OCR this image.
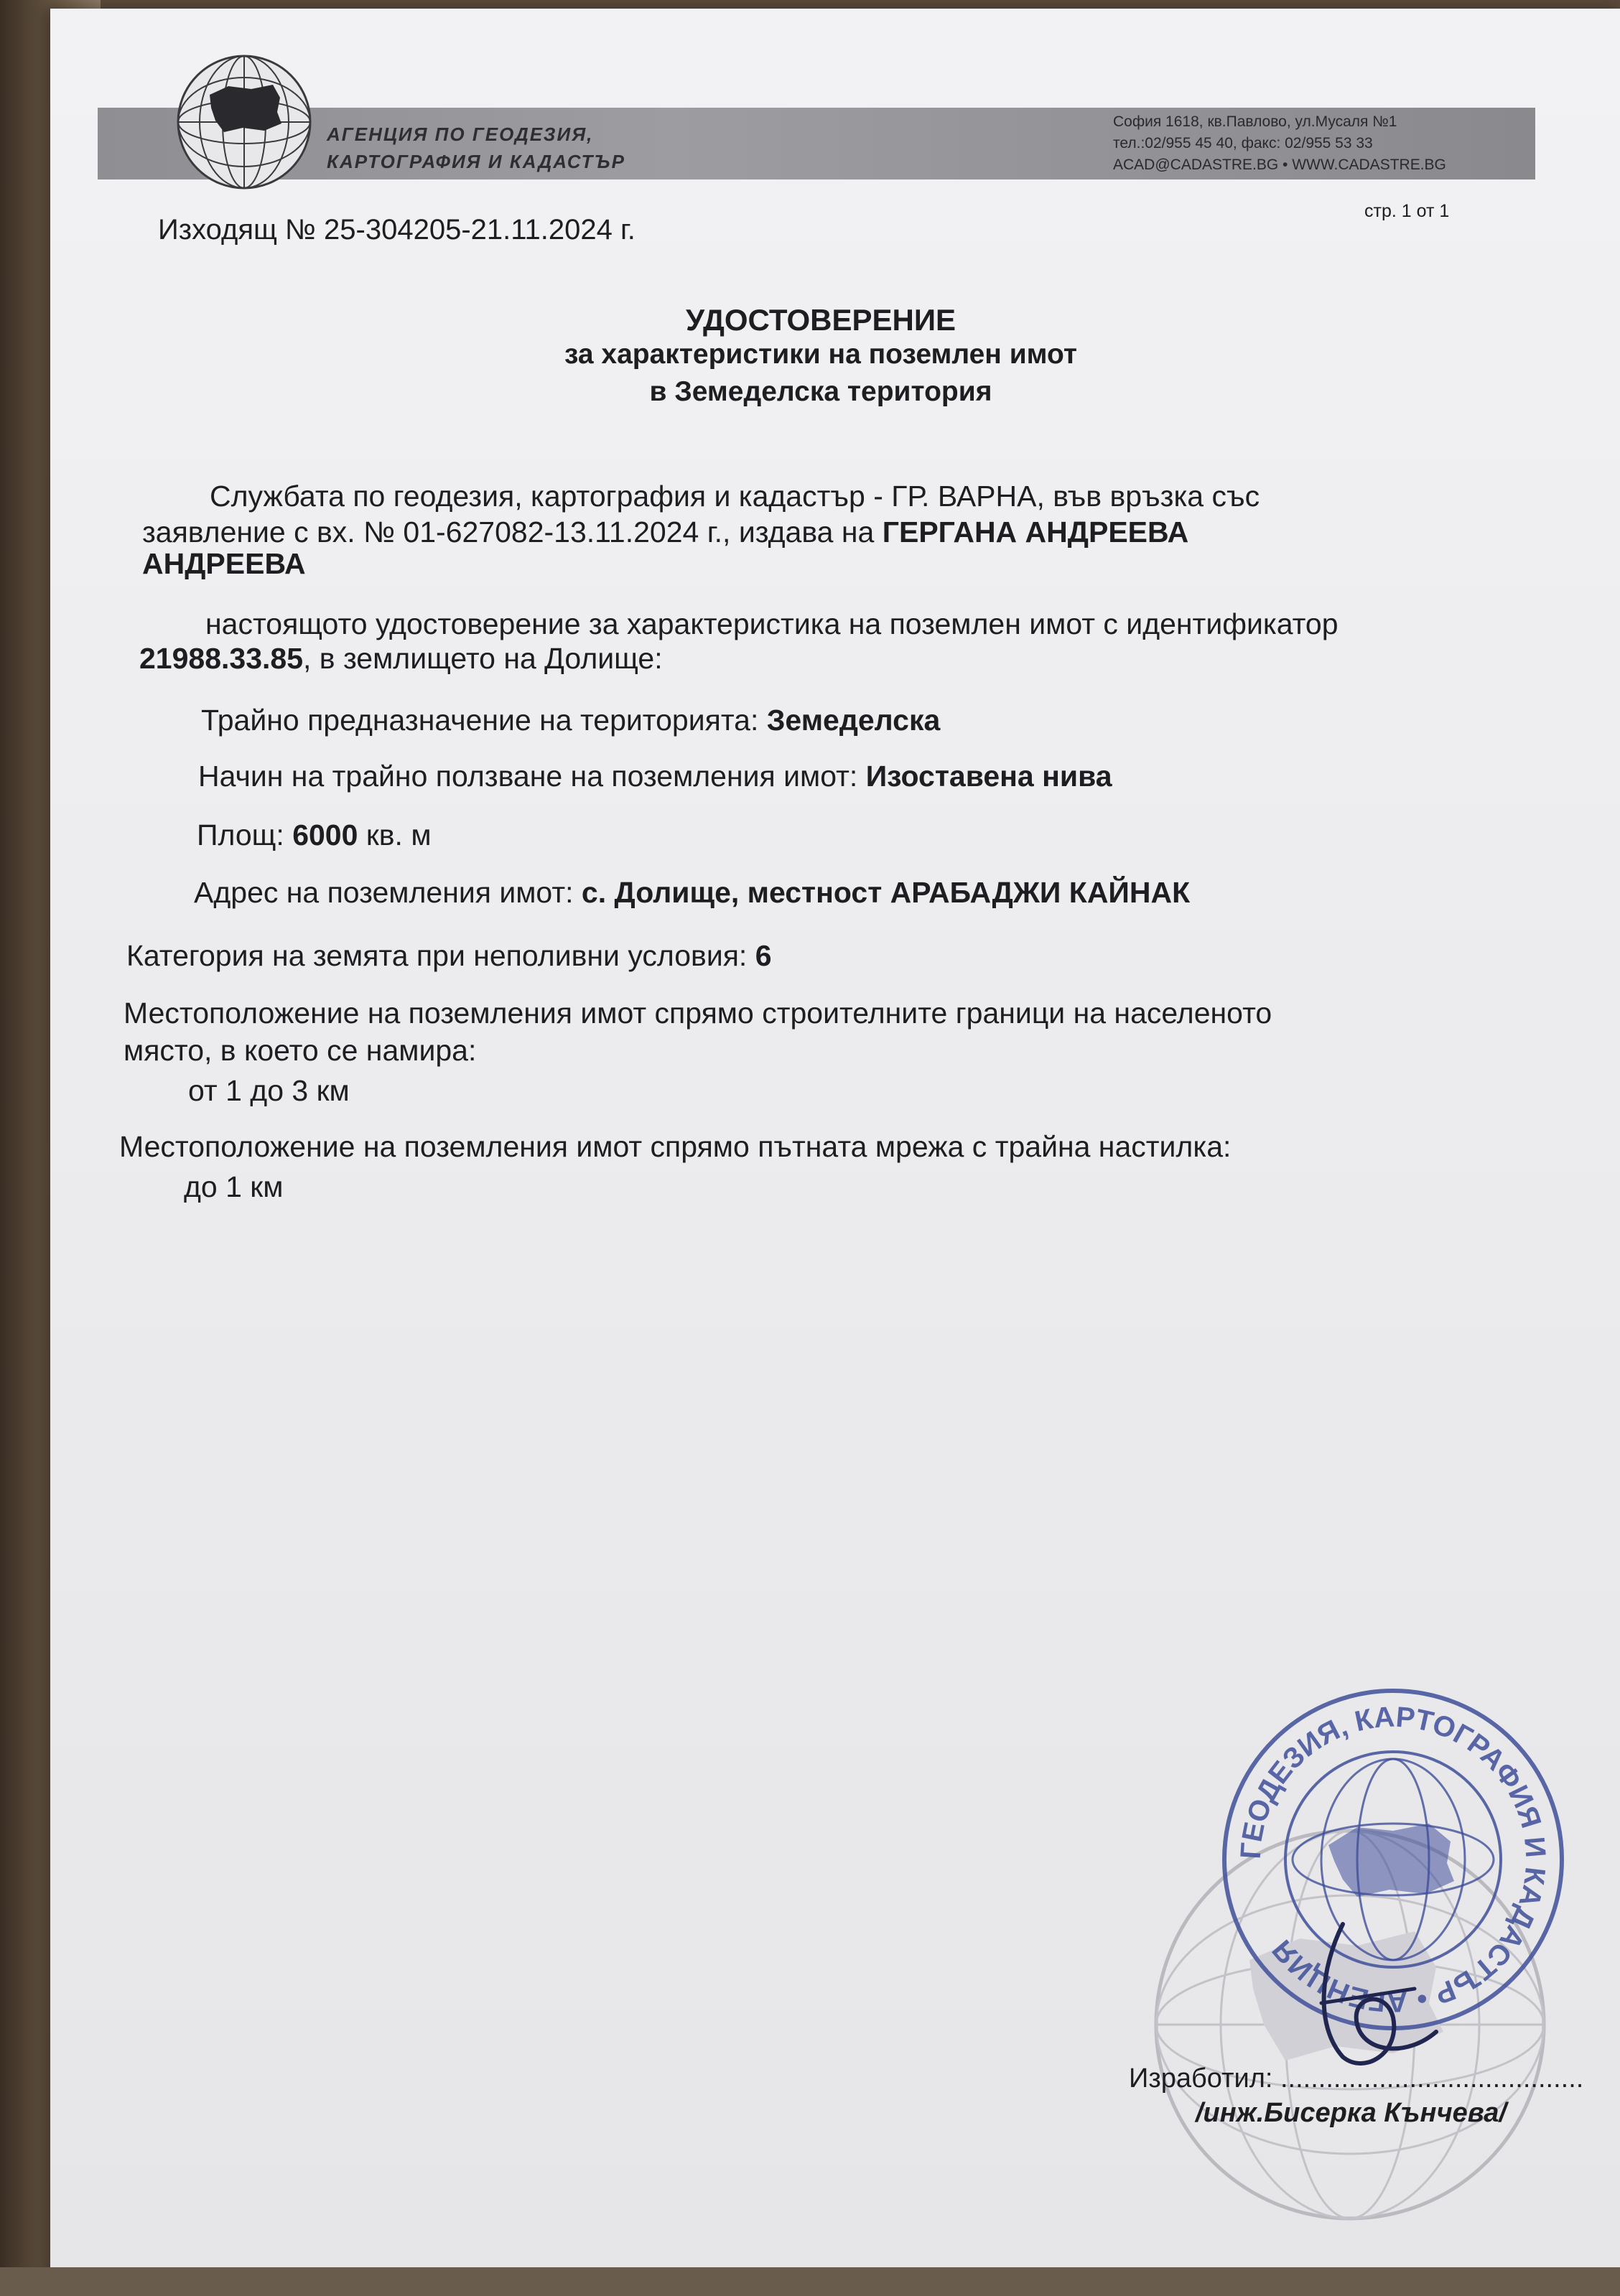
АГЕНЦИЯ ПО ГЕОДЕЗИЯ,
КАРТОГРАФИЯ И КАДАСТЪР
София 1618, кв.Павлово, ул.Мусаля №1
тел.:02/955 45 40, факс: 02/955 53 33
ACAD@CADASTRE.BG • WWW.CADASTRE.BG
стр. 1 от 1
Изходящ № 25-304205-21.11.2024 г.
УДОСТОВЕРЕНИЕ
за характеристики на поземлен имот
в Земеделска територия
Службата по геодезия, картография и кадастър - ГР. ВАРНА, във връзка със
заявление с вх. № 01-627082-13.11.2024 г., издава на ГЕРГАНА АНДРЕЕВА
АНДРЕЕВА
настоящото удостоверение за характеристика на поземлен имот с идентификатор
21988.33.85, в землището на Долище:
Трайно предназначение на територията: Земеделска
Начин на трайно ползване на поземления имот: Изоставена нива
Площ: 6000 кв. м
Адрес на поземления имот: с. Долище, местност АРАБАДЖИ КАЙНАК
Категория на земята при неполивни условия: 6
Местоположение на поземления имот спрямо строителните граници на населеното
място, в което се намира:
от 1 до 3 км
Местоположение на поземления имот спрямо пътната мрежа с трайна настилка:
до 1 км
ГЕОДЕЗИЯ, КАРТОГРАФИЯ И КАДАСТЪР • АГЕНЦИЯ
Изработил: ........................................
/инж.Бисерка Кънчева/
